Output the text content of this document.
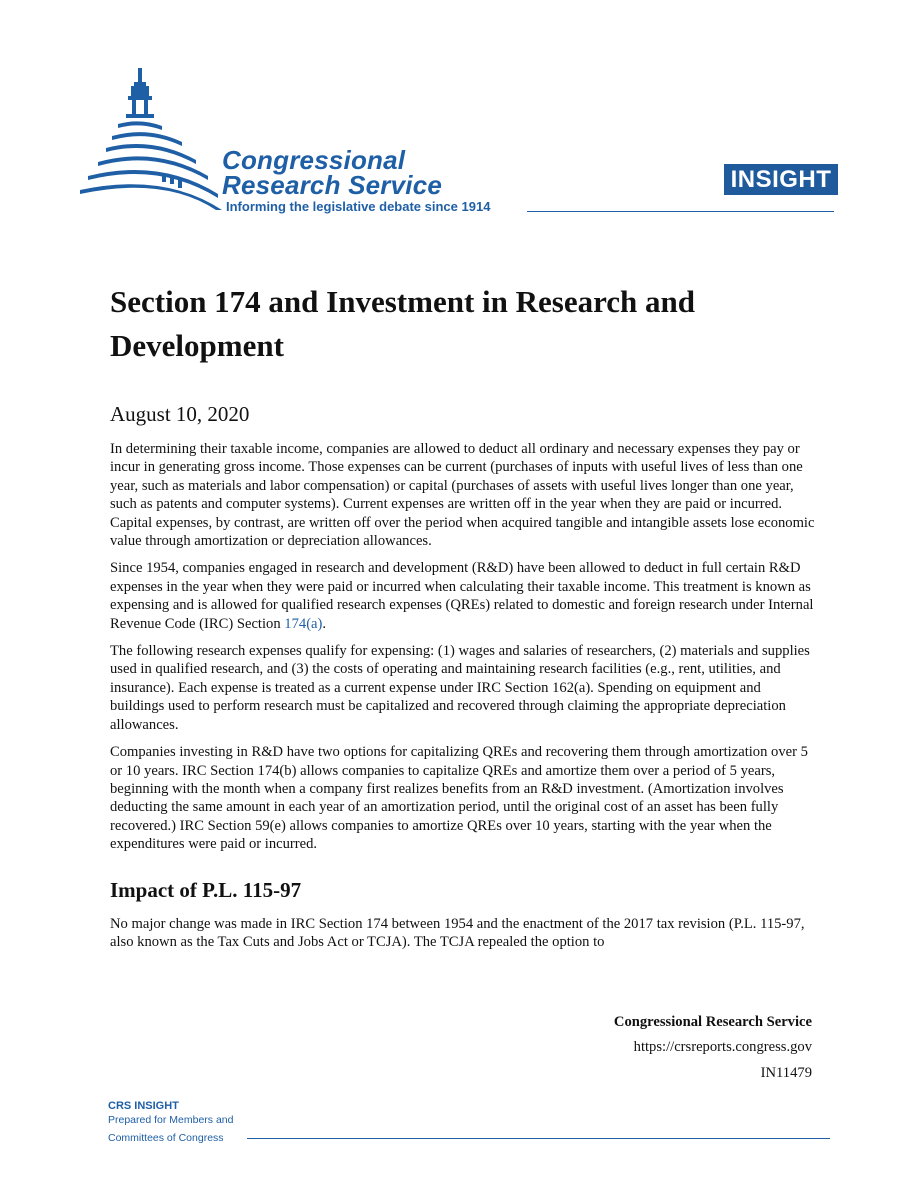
Congressional
Research Service
Informing the legislative debate since 1914
INSIGHT
Section 174 and Investment in Research and Development
August 10, 2020

In determining their taxable income, companies are allowed to deduct all ordinary and necessary expenses they pay or incur in generating gross income. Those expenses can be current (purchases of inputs with useful lives of less than one year, such as materials and labor compensation) or capital (purchases of assets with useful lives longer than one year, such as patents and computer systems). Current expenses are written off in the year when they are paid or incurred. Capital expenses, by contrast, are written off over the period when acquired tangible and intangible assets lose economic value through amortization or depreciation allowances.

Since 1954, companies engaged in research and development (R&D) have been allowed to deduct in full certain R&D expenses in the year when they were paid or incurred when calculating their taxable income. This treatment is known as expensing and is allowed for qualified research expenses (QREs) related to domestic and foreign research under Internal Revenue Code (IRC) Section 174(a).

The following research expenses qualify for expensing: (1) wages and salaries of researchers, (2) materials and supplies used in qualified research, and (3) the costs of operating and maintaining research facilities (e.g., rent, utilities, and insurance). Each expense is treated as a current expense under IRC Section 162(a). Spending on equipment and buildings used to perform research must be capitalized and recovered through claiming the appropriate depreciation allowances.

Companies investing in R&D have two options for capitalizing QREs and recovering them through amortization over 5 or 10 years. IRC Section 174(b) allows companies to capitalize QREs and amortize them over a period of 5 years, beginning with the month when a company first realizes benefits from an R&D investment. (Amortization involves deducting the same amount in each year of an amortization period, until the original cost of an asset has been fully recovered.) IRC Section 59(e) allows companies to amortize QREs over 10 years, starting with the year when the expenditures were paid or incurred.

Impact of P.L. 115-97

No major change was made in IRC Section 174 between 1954 and the enactment of the 2017 tax revision (P.L. 115-97, also known as the Tax Cuts and Jobs Act or TCJA). The TCJA repealed the option to

Congressional Research Service
https://crsreports.congress.gov
IN11479
CRS INSIGHT
Prepared for Members and
Committees of Congress
